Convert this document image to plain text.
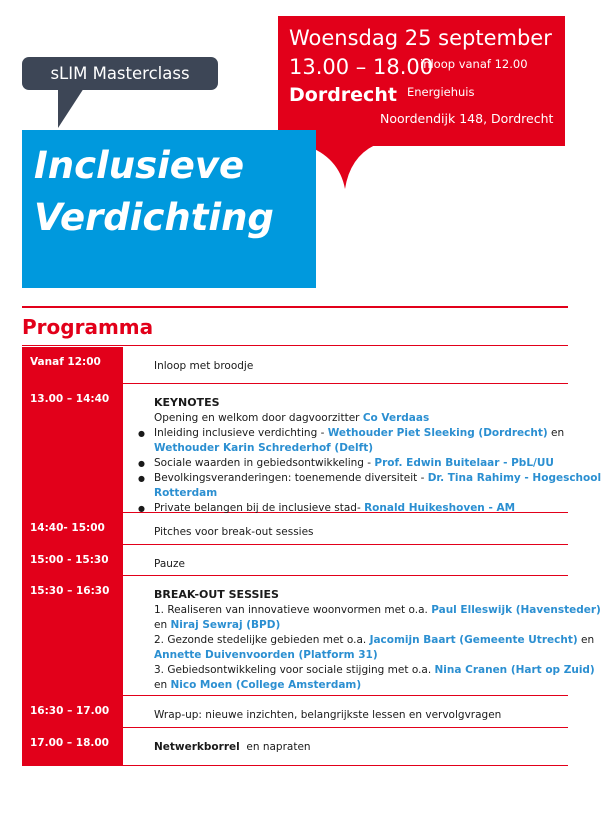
sLIM Masterclass
Woensdag 25 september
13.00 – 18.00
inloop vanaf 12.00
Dordrecht Energiehuis
Noordendijk 148, Dordrecht
Inclusieve
Verdichting
Programma
Vanaf 12:00	Inloop met broodje
13.00 – 14:40	KEYNOTES
Opening en welkom door dagvoorzitter Co Verdaas
● Inleiding inclusieve verdichting - Wethouder Piet Sleeking (Dordrecht) en
Wethouder Karin Schrederhof (Delft)
● Sociale waarden in gebiedsontwikkeling - Prof. Edwin Buitelaar - PbL/UU
● Bevolkingsveranderingen: toenemende diversiteit - Dr. Tina Rahimy - Hogeschool
Rotterdam
● Private belangen bij de inclusieve stad- Ronald Huikeshoven - AM
14:40- 15:00	Pitches voor break-out sessies
15:00 - 15:30	Pauze
15:30 – 16:30	BREAK-OUT SESSIES
1. Realiseren van innovatieve woonvormen met o.a. Paul Elleswijk (Havensteder)
en Niraj Sewraj (BPD)
2. Gezonde stedelijke gebieden met o.a. Jacomijn Baart (Gemeente Utrecht) en
Annette Duivenvoorden (Platform 31)
3. Gebiedsontwikkeling voor sociale stijging met o.a. Nina Cranen (Hart op Zuid)
en Nico Moen (College Amsterdam)
16:30 – 17.00	Wrap-up: nieuwe inzichten, belangrijkste lessen en vervolgvragen
17.00 – 18.00	Netwerkborrel  en napraten
